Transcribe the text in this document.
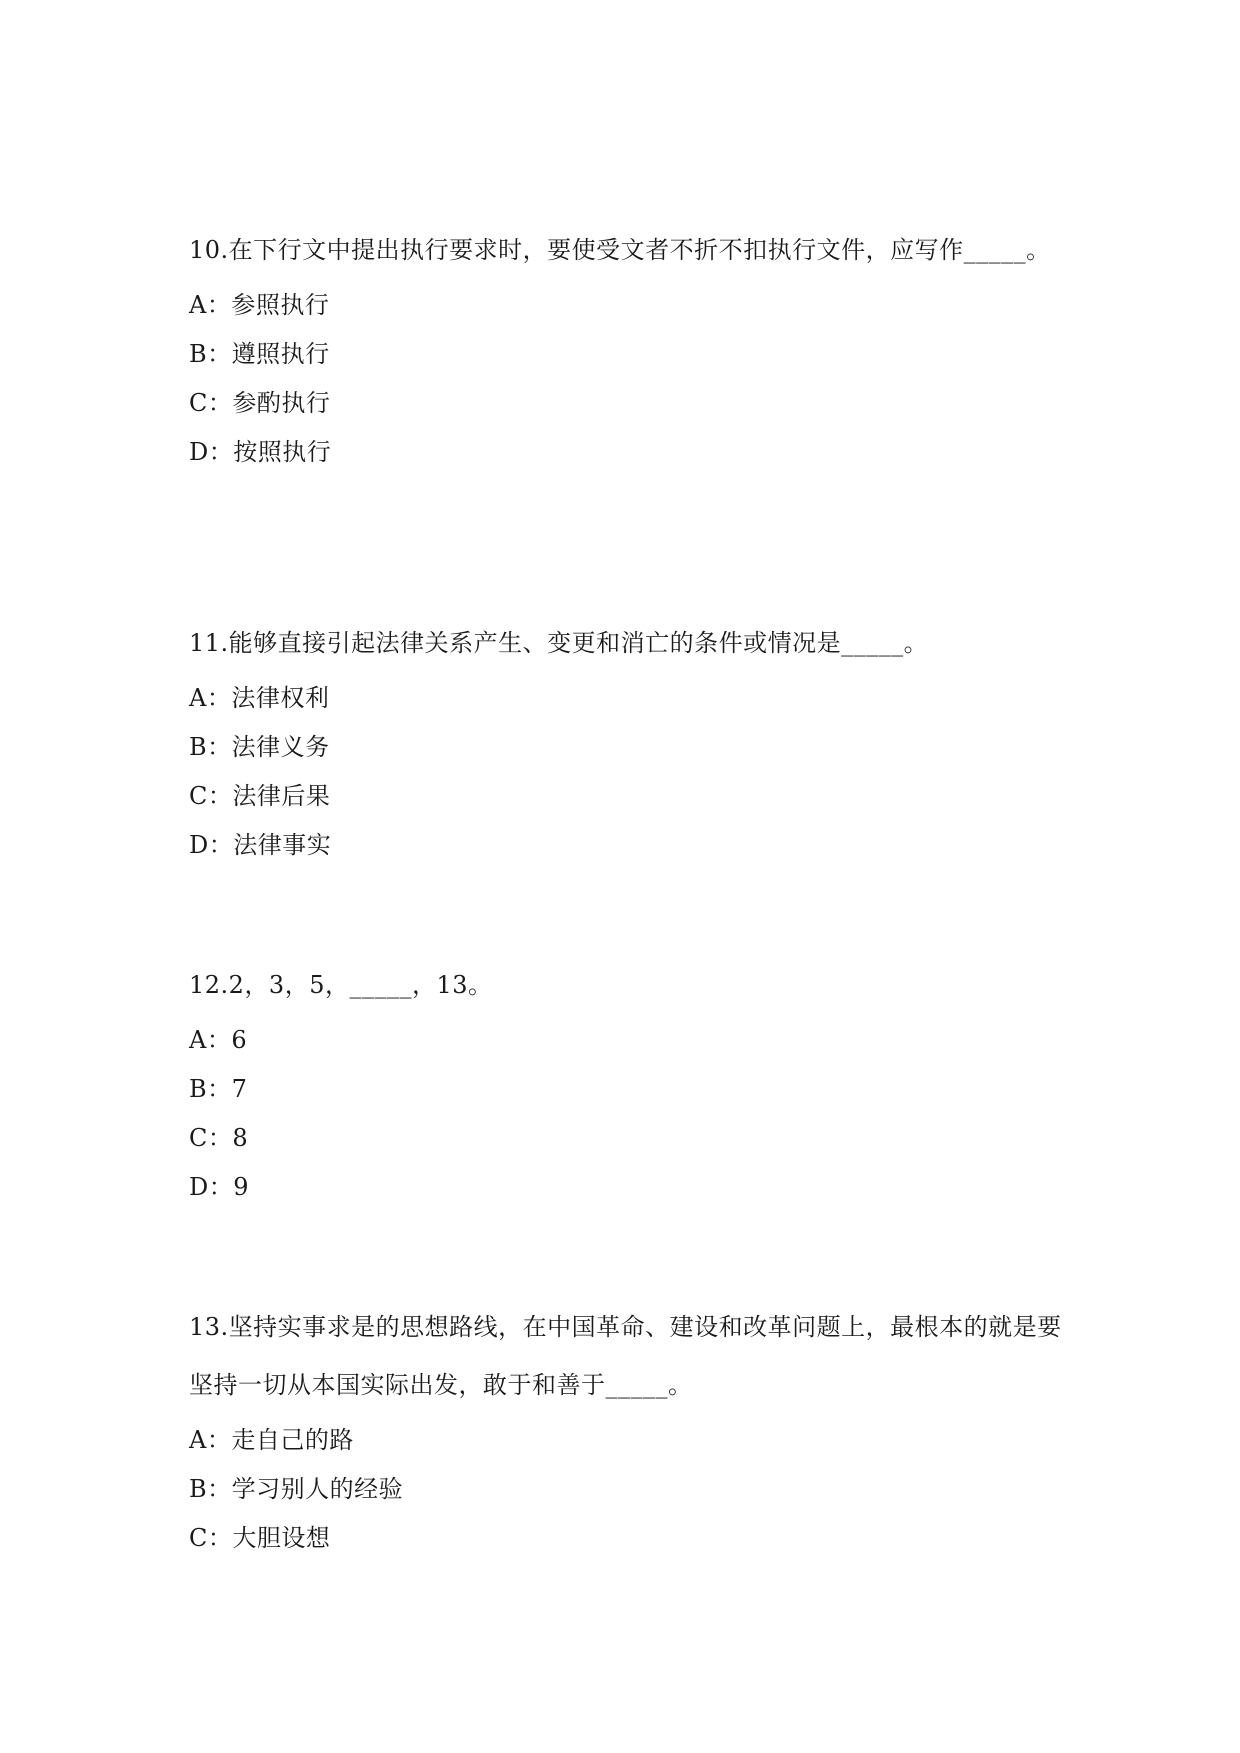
10.在下行文中提出执行要求时，要使受文者不折不扣执行文件，应写作_____。

A：参照执行
B：遵照执行
C：参酌执行
D：按照执行

11.能够直接引起法律关系产生、变更和消亡的条件或情况是_____。

A：法律权利
B：法律义务
C：法律后果
D：法律事实

12.2，3，5，_____，13。

A：6
B：7
C：8
D：9

13.坚持实事求是的思想路线，在中国革命、建设和改革问题上，最根本的就是要坚持一切从本国实际出发，敢于和善于_____。

A：走自己的路
B：学习别人的经验
C：大胆设想
